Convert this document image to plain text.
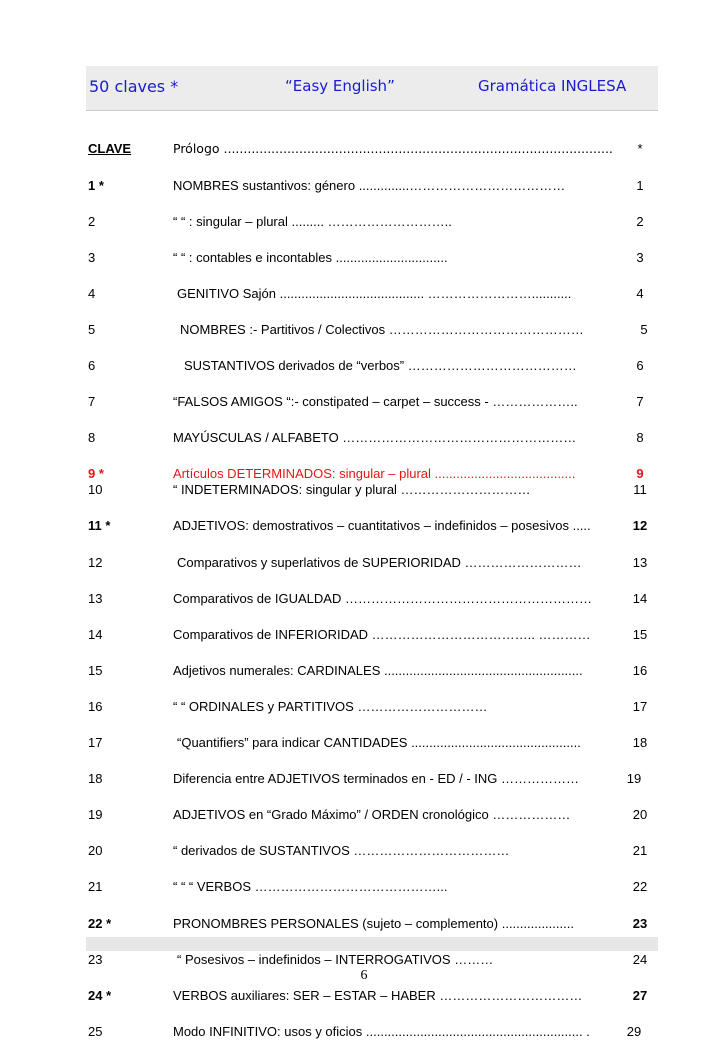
50 claves *	“Easy English”	Gramática INGLESA
CLAVE	Prólogo ..................................................................................................	*
1 *	NOMBRES sustantivos: género ..............………………………………	1
2	“ “ : singular – plural ......... ………………………..	2
3	“ “ : contables e incontables ...............................	3
4	GENITIVO Sajón ........................................ ……………………...........	4
5	NOMBRES :- Partitivos / Colectivos ………………………………………	5
6	SUSTANTIVOS derivados de “verbos” …………………………………	6
7	“FALSOS AMIGOS “:- constipated – carpet – success - ………………..	7
8	MAYÚSCULAS / ALFABETO ………………………………………………	8
9 *	Artículos DETERMINADOS: singular – plural .......................................	9
10	“ INDETERMINADOS: singular y plural …………………………	11
11 *	ADJETIVOS: demostrativos – cuantitativos – indefinidos – posesivos .....	12
12	Comparativos y superlativos de SUPERIORIDAD ………………………	13
13	Comparativos de IGUALDAD …………………………………………………	14
14	Comparativos de INFERIORIDAD ……………………………….. …………	15
15	Adjetivos numerales: CARDINALES .......................................................	16
16	“ “ ORDINALES y PARTITIVOS …………………………	17
17	“Quantifiers” para indicar CANTIDADES ...............................................	18
18	Diferencia entre ADJETIVOS terminados en - ED / - ING ………………	19
19	ADJETIVOS en “Grado Máximo” / ORDEN cronológico ………………	20
20	“ derivados de SUSTANTIVOS ………………………………	21
21	“ “ “ VERBOS ……………………………………...	22
22 *	PRONOMBRES PERSONALES (sujeto – complemento) ....................	23
23	“ Posesivos – indefinidos – INTERROGATIVOS ………	24
24 *	VERBOS auxiliares: SER – ESTAR – HABER ……………………………	27
25	Modo INFINITIVO: usos y oficios ............................................................ .	29
6
